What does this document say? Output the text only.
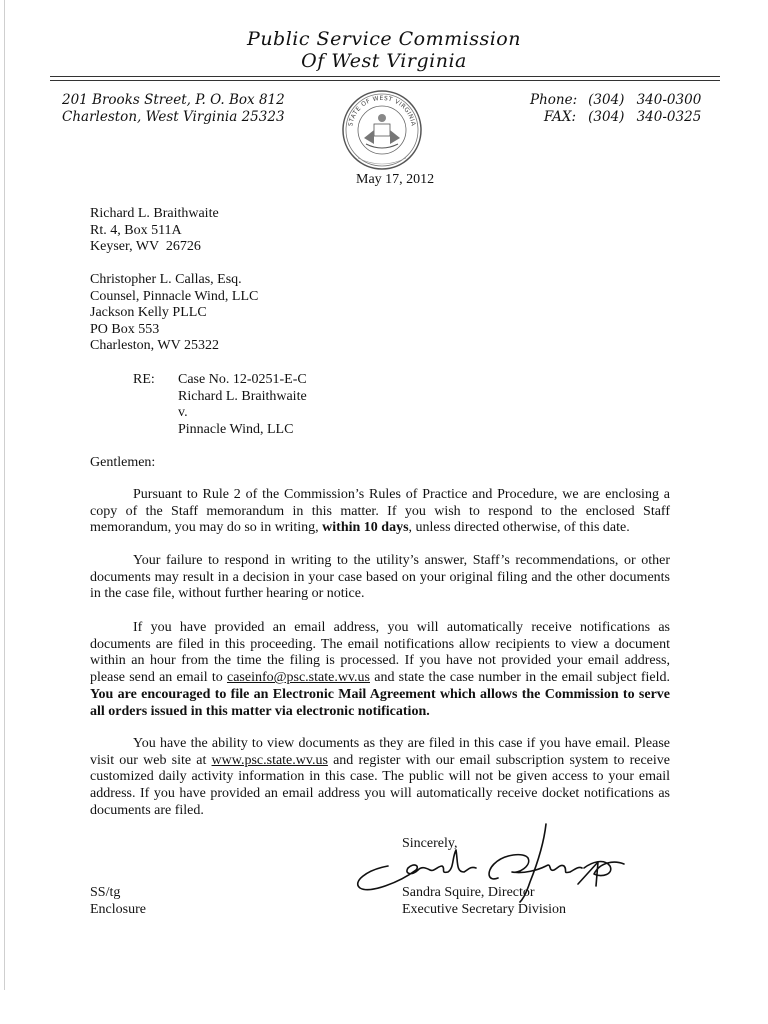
Public Service Commission
Of West Virginia
201 Brooks Street, P. O. Box 812
Charleston, West Virginia 25323	STATE OF WEST VIRGINIA
Phone: (304) 340-0300
FAX: (304) 340-0325
May 17, 2012
Richard L. Braithwaite
Rt. 4, Box 511A
Keyser, WV  26726
Christopher L. Callas, Esq.
Counsel, Pinnacle Wind, LLC
Jackson Kelly PLLC
PO Box 553
Charleston, WV 25322
RE: Case No. 12-0251-E-C
Richard L. Braithwaite
v.
Pinnacle Wind, LLC
Gentlemen:

Pursuant to Rule 2 of the Commission’s Rules of Practice and Procedure, we are enclosing a copy of the Staff memorandum in this matter. If you wish to respond to the enclosed Staff memorandum, you may do so in writing, within 10 days, unless directed otherwise, of this date.

Your failure to respond in writing to the utility’s answer, Staff’s recommendations, or other documents may result in a decision in your case based on your original filing and the other documents in the case file, without further hearing or notice.

If you have provided an email address, you will automatically receive notifications as documents are filed in this proceeding. The email notifications allow recipients to view a document within an hour from the time the filing is processed. If you have not provided your email address, please send an email to caseinfo@psc.state.wv.us and state the case number in the email subject field. You are encouraged to file an Electronic Mail Agreement which allows the Commission to serve all orders issued in this matter via electronic notification.

You have the ability to view documents as they are filed in this case if you have email. Please visit our web site at www.psc.state.wv.us and register with our email subscription system to receive customized daily activity information in this case. The public will not be given access to your email address. If you have provided an email address you will automatically receive docket notifications as documents are filed.

Sincerely,
Sandra Squire, Director
Executive Secretary Division
SS/tg
Enclosure
